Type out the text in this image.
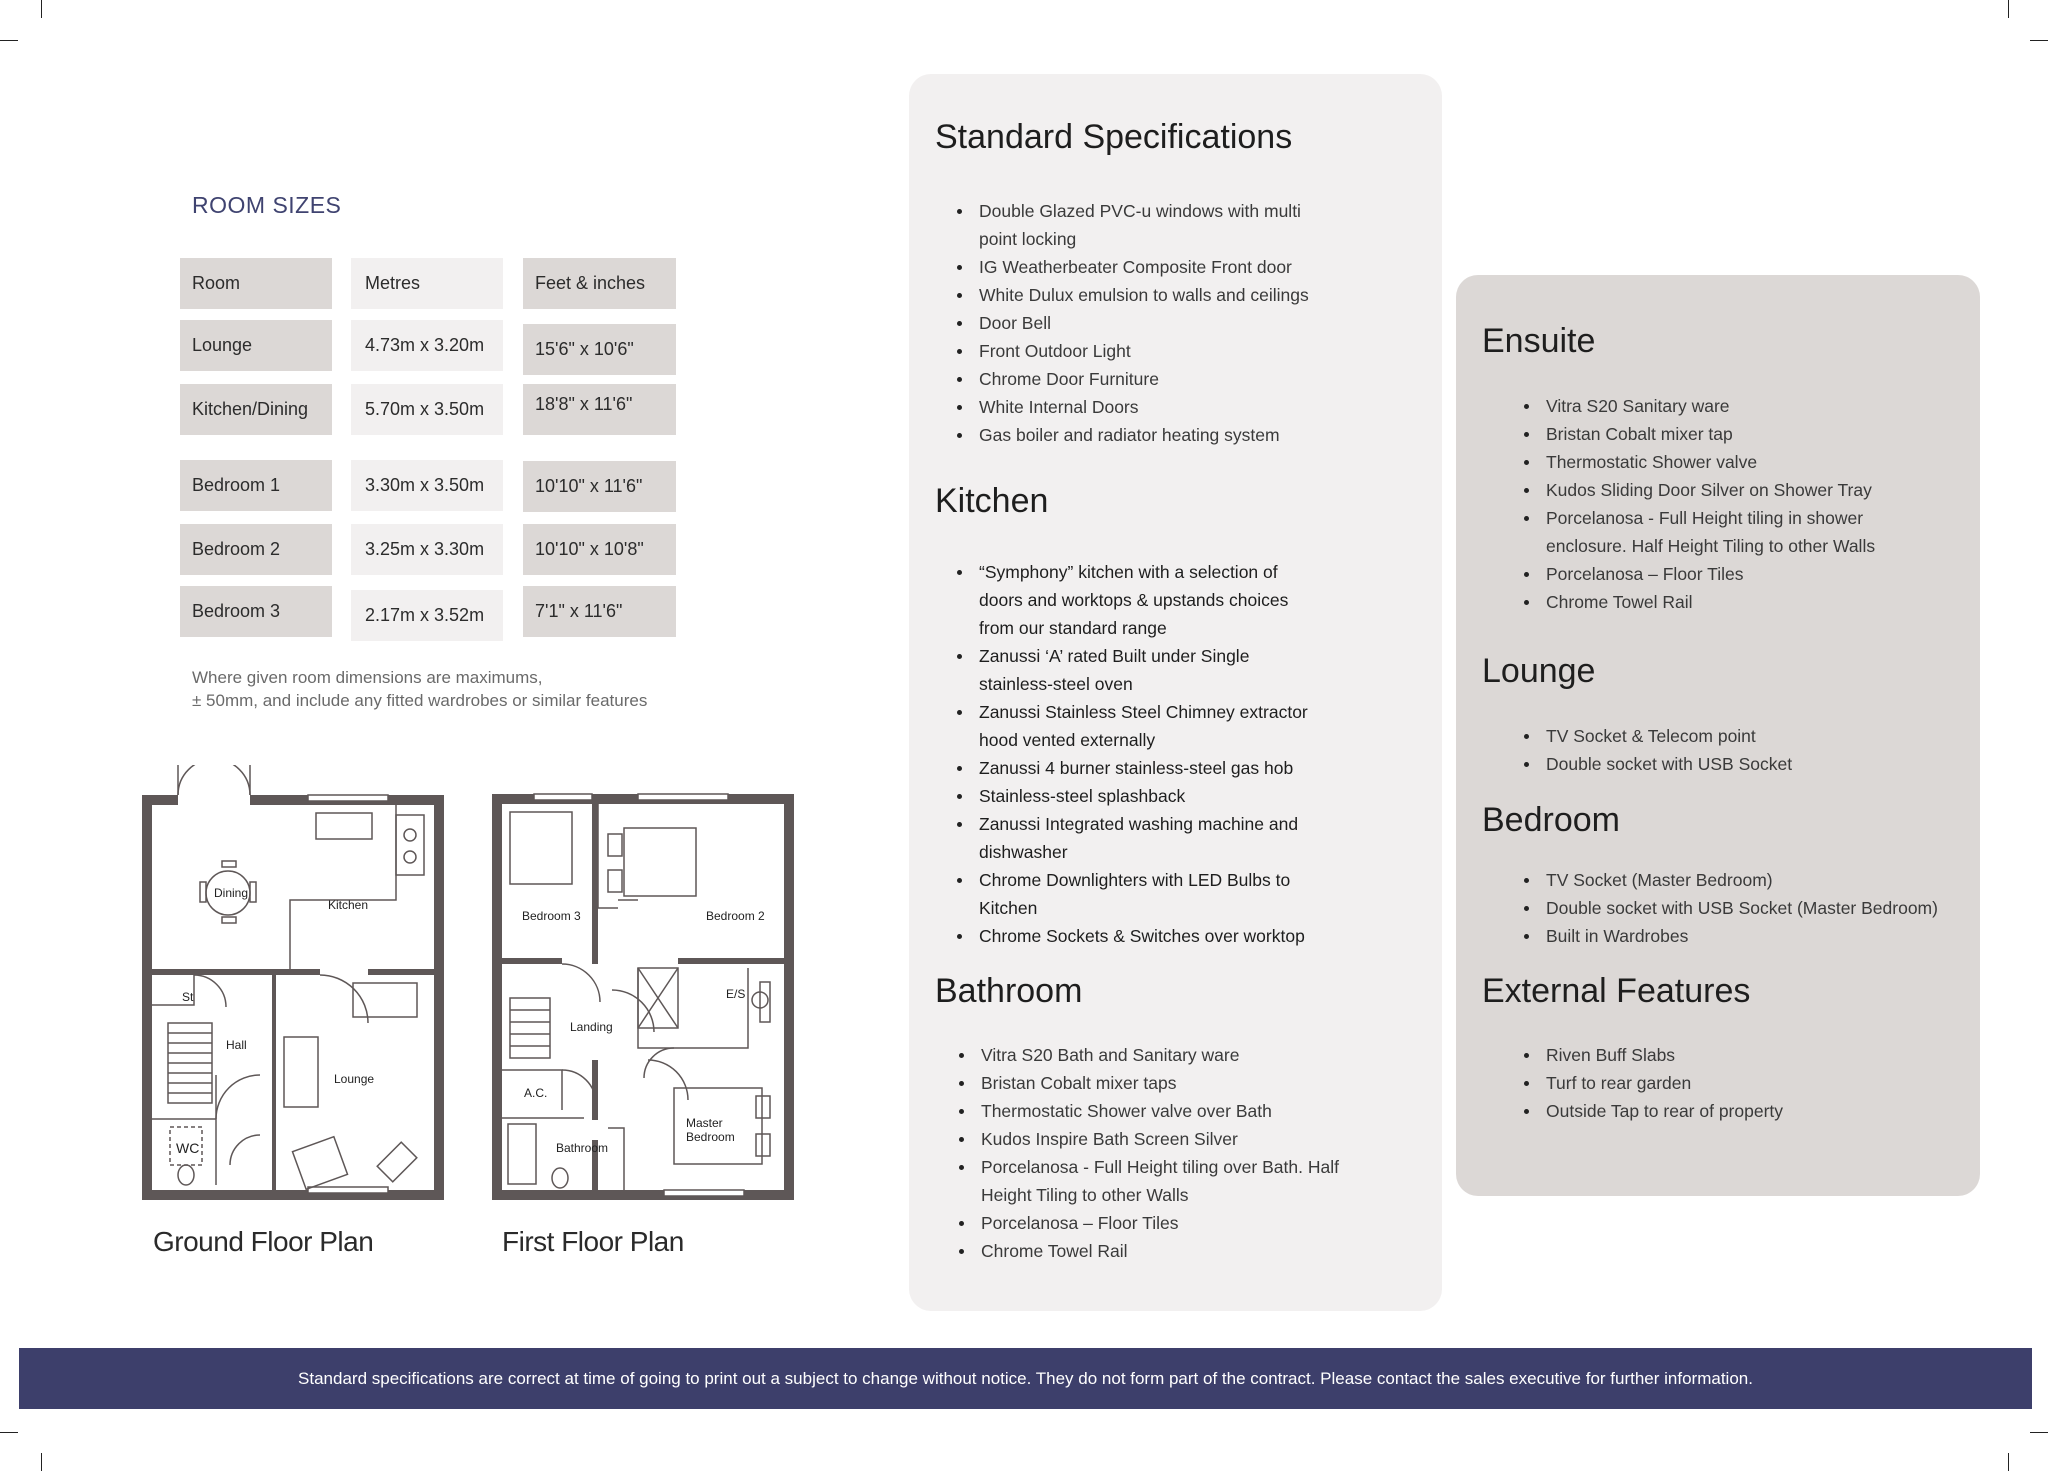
ROOM SIZES
Room	Metres	Feet & inches
Lounge	4.73m x 3.20m	15'6" x 10'6"
Kitchen/Dining	5.70m x 3.50m	18'8" x 11'6"
Bedroom 1	3.30m x 3.50m	10'10" x 11'6"
Bedroom 2	3.25m x 3.30m	10'10" x 10'8"
Bedroom 3	2.17m x 3.52m	7'1" x 11'6"
Where given room dimensions are maximums,
± 50mm, and include any fitted wardrobes or similar features
Dining
Kitchen
St
Hall
Lounge
WC
Ground Floor Plan
Bedroom 3	Bedroom 2
E/S
Landing
A.C.
Bathroom
Master
Bedroom
First Floor Plan
Standard Specifications
Double Glazed PVC-u windows with multi
point locking
IG Weatherbeater Composite Front door
White Dulux emulsion to walls and ceilings
Door Bell
Front Outdoor Light
Chrome Door Furniture
White Internal Doors
Gas boiler and radiator heating system
Kitchen
“Symphony” kitchen with a selection of
doors and worktops & upstands choices
from our standard range
Zanussi ‘A’ rated Built under Single
stainless-steel oven
Zanussi Stainless Steel Chimney extractor
hood vented externally
Zanussi 4 burner stainless-steel gas hob
Stainless-steel splashback
Zanussi Integrated washing machine and
dishwasher
Chrome Downlighters with LED Bulbs to
Kitchen
Chrome Sockets & Switches over worktop
Bathroom
Vitra S20 Bath and Sanitary ware
Bristan Cobalt mixer taps
Thermostatic Shower valve over Bath
Kudos Inspire Bath Screen Silver
Porcelanosa - Full Height tiling over Bath. Half
Height Tiling to other Walls
Porcelanosa – Floor Tiles
Chrome Towel Rail
Ensuite
Vitra S20 Sanitary ware
Bristan Cobalt mixer tap
Thermostatic Shower valve
Kudos Sliding Door Silver on Shower Tray
Porcelanosa - Full Height tiling in shower
enclosure. Half Height Tiling to other Walls
Porcelanosa – Floor Tiles
Chrome Towel Rail
Lounge
TV Socket & Telecom point
Double socket with USB Socket
Bedroom
TV Socket (Master Bedroom)
Double socket with USB Socket (Master Bedroom)
Built in Wardrobes
External Features
Riven Buff Slabs
Turf to rear garden
Outside Tap to rear of property
Standard specifications are correct at time of going to print out a subject to change without notice. They do not form part of the contract. Please contact the sales executive for further information.
